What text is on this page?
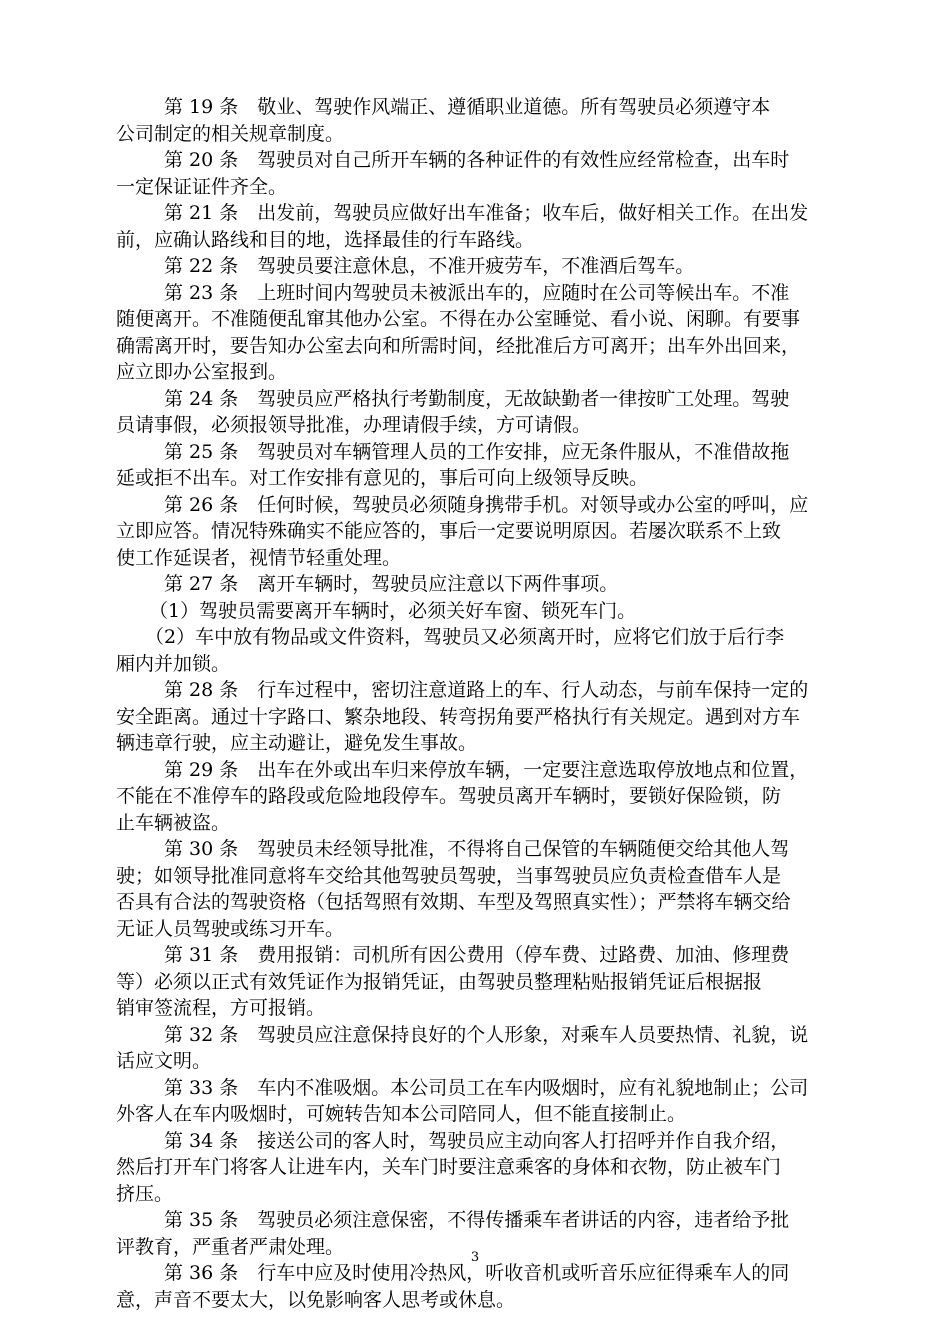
第 19 条　敬业、驾驶作风端正、遵循职业道德。所有驾驶员必须遵守本
公司制定的相关规章制度。
第 20 条　驾驶员对自己所开车辆的各种证件的有效性应经常检查，出车时
一定保证证件齐全。
第 21 条　出发前，驾驶员应做好出车准备；收车后，做好相关工作。在出发
前，应确认路线和目的地，选择最佳的行车路线。
第 22 条　驾驶员要注意休息，不准开疲劳车，不准酒后驾车。
第 23 条　上班时间内驾驶员未被派出车的，应随时在公司等候出车。不准
随便离开。不准随便乱窜其他办公室。不得在办公室睡觉、看小说、闲聊。有要事
确需离开时，要告知办公室去向和所需时间，经批准后方可离开；出车外出回来，
应立即办公室报到。
第 24 条　驾驶员应严格执行考勤制度，无故缺勤者一律按旷工处理。驾驶
员请事假，必须报领导批准，办理请假手续，方可请假。
第 25 条　驾驶员对车辆管理人员的工作安排，应无条件服从，不准借故拖
延或拒不出车。对工作安排有意见的，事后可向上级领导反映。
第 26 条　任何时候，驾驶员必须随身携带手机。对领导或办公室的呼叫，应
立即应答。情况特殊确实不能应答的，事后一定要说明原因。若屡次联系不上致
使工作延误者，视情节轻重处理。
第 27 条　离开车辆时，驾驶员应注意以下两件事项。
（1）驾驶员需要离开车辆时，必须关好车窗、锁死车门。
（2）车中放有物品或文件资料，驾驶员又必须离开时，应将它们放于后行李
厢内并加锁。
第 28 条　行车过程中，密切注意道路上的车、行人动态，与前车保持一定的
安全距离。通过十字路口、繁杂地段、转弯拐角要严格执行有关规定。遇到对方车
辆违章行驶，应主动避让，避免发生事故。
第 29 条　出车在外或出车归来停放车辆，一定要注意选取停放地点和位置，
不能在不准停车的路段或危险地段停车。驾驶员离开车辆时，要锁好保险锁，防
止车辆被盗。
第 30 条　驾驶员未经领导批准，不得将自己保管的车辆随便交给其他人驾
驶；如领导批准同意将车交给其他驾驶员驾驶，当事驾驶员应负责检查借车人是
否具有合法的驾驶资格（包括驾照有效期、车型及驾照真实性）；严禁将车辆交给
无证人员驾驶或练习开车。
第 31 条　费用报销：司机所有因公费用（停车费、过路费、加油、修理费
等）必须以正式有效凭证作为报销凭证，由驾驶员整理粘贴报销凭证后根据报
销审签流程，方可报销。
第 32 条　驾驶员应注意保持良好的个人形象，对乘车人员要热情、礼貌，说
话应文明。
第 33 条　车内不准吸烟。本公司员工在车内吸烟时，应有礼貌地制止；公司
外客人在车内吸烟时，可婉转告知本公司陪同人，但不能直接制止。
第 34 条　接送公司的客人时，驾驶员应主动向客人打招呼并作自我介绍，
然后打开车门将客人让进车内，关车门时要注意乘客的身体和衣物，防止被车门
挤压。
第 35 条　驾驶员必须注意保密，不得传播乘车者讲话的内容，违者给予批
评教育，严重者严肃处理。
第 36 条　行车中应及时使用冷热风，听收音机或听音乐应征得乘车人的同
意，声音不要太大，以免影响客人思考或休息。
3
